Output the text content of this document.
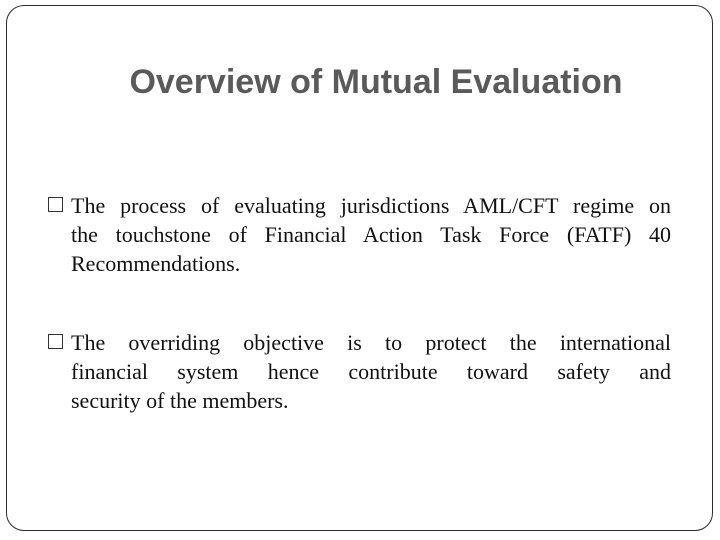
Overview of Mutual Evaluation
The process of evaluating jurisdictions AML/CFT regime on
the touchstone of Financial Action Task Force (FATF) 40
Recommendations.
The overriding objective is to protect the international
financial system hence contribute toward safety and
security of the members.
